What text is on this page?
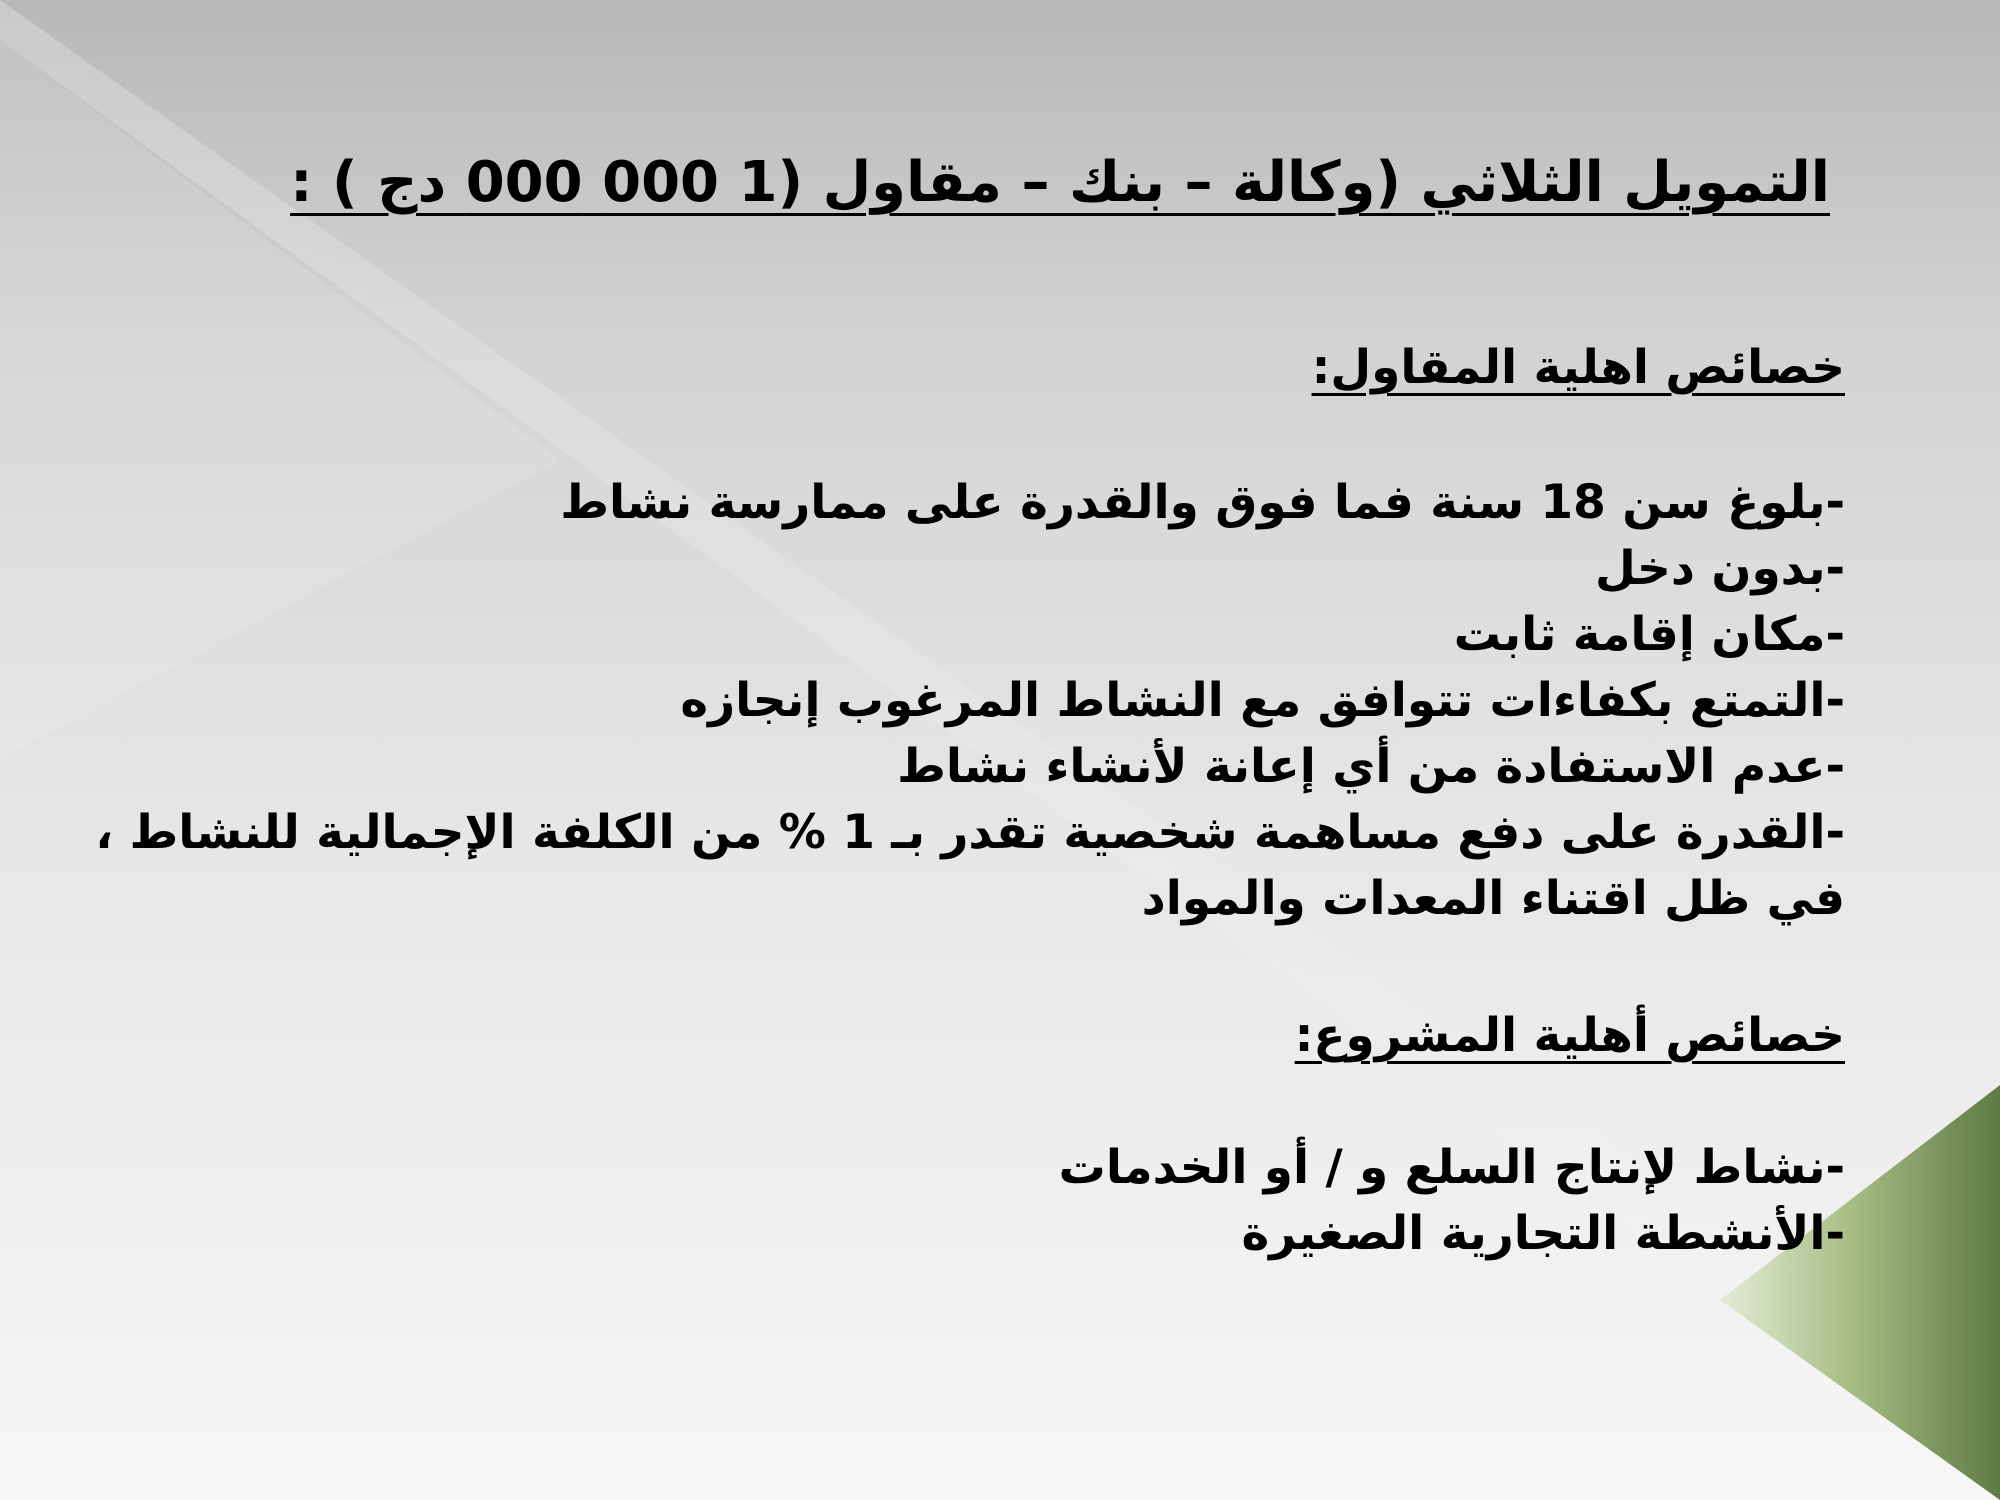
التمويل الثلاثي (وكالة – بنك – مقاول (1 000 000 دج ) :
خصائص اهلية المقاول:
-بلوغ سن 18 سنة فما فوق والقدرة على ممارسة نشاط
-بدون دخل
-مكان إقامة ثابت
-التمتع بكفاءات تتوافق مع النشاط المرغوب إنجازه
-عدم الاستفادة من أي إعانة لأنشاء نشاط
-القدرة على دفع مساهمة شخصية تقدر بـ 1 % من الكلفة الإجمالية للنشاط ، في ظل اقتناء المعدات والمواد
خصائص أهلية المشروع:
-نشاط لإنتاج السلع و / أو الخدمات
-الأنشطة التجارية الصغيرة
